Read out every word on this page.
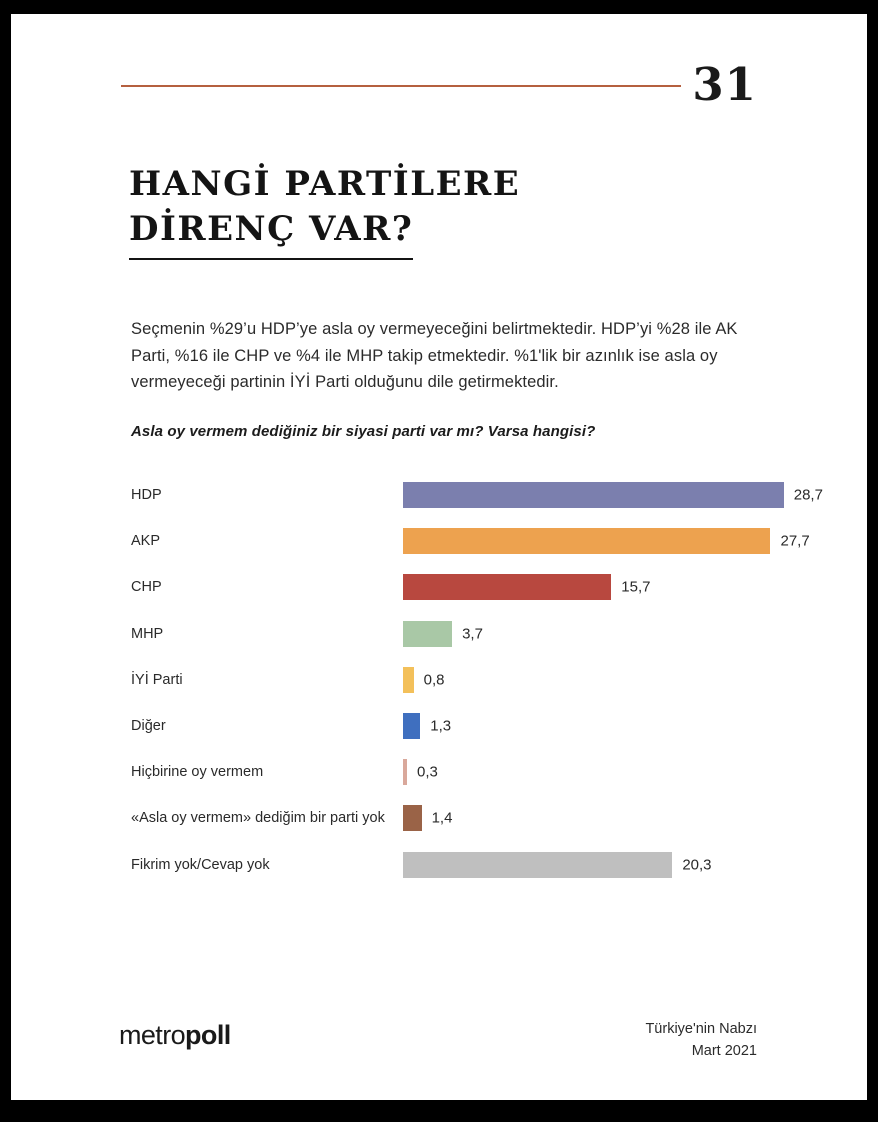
31
HANGİ PARTİLERE
DİRENÇ VAR?
Seçmenin %29’u HDP’ye asla oy vermeyeceğini belirtmektedir. HDP’yi %28 ile AK Parti, %16 ile CHP ve %4 ile MHP takip etmektedir. %1'lik bir azınlık ise asla oy vermeyeceği partinin İYİ Parti olduğunu dile getirmektedir.
Asla oy vermem dediğiniz bir siyasi parti var mı? Varsa hangisi?
HDP	28,7
AKP	27,7
CHP	15,7
MHP	3,7
İYİ Parti	0,8
Diğer	1,3
Hiçbirine oy vermem	0,3
«Asla oy vermem» dediğim bir parti yok	1,4
Fikrim yok/Cevap yok	20,3
metropoll	Türkiye'nin Nabzı
Mart 2021
